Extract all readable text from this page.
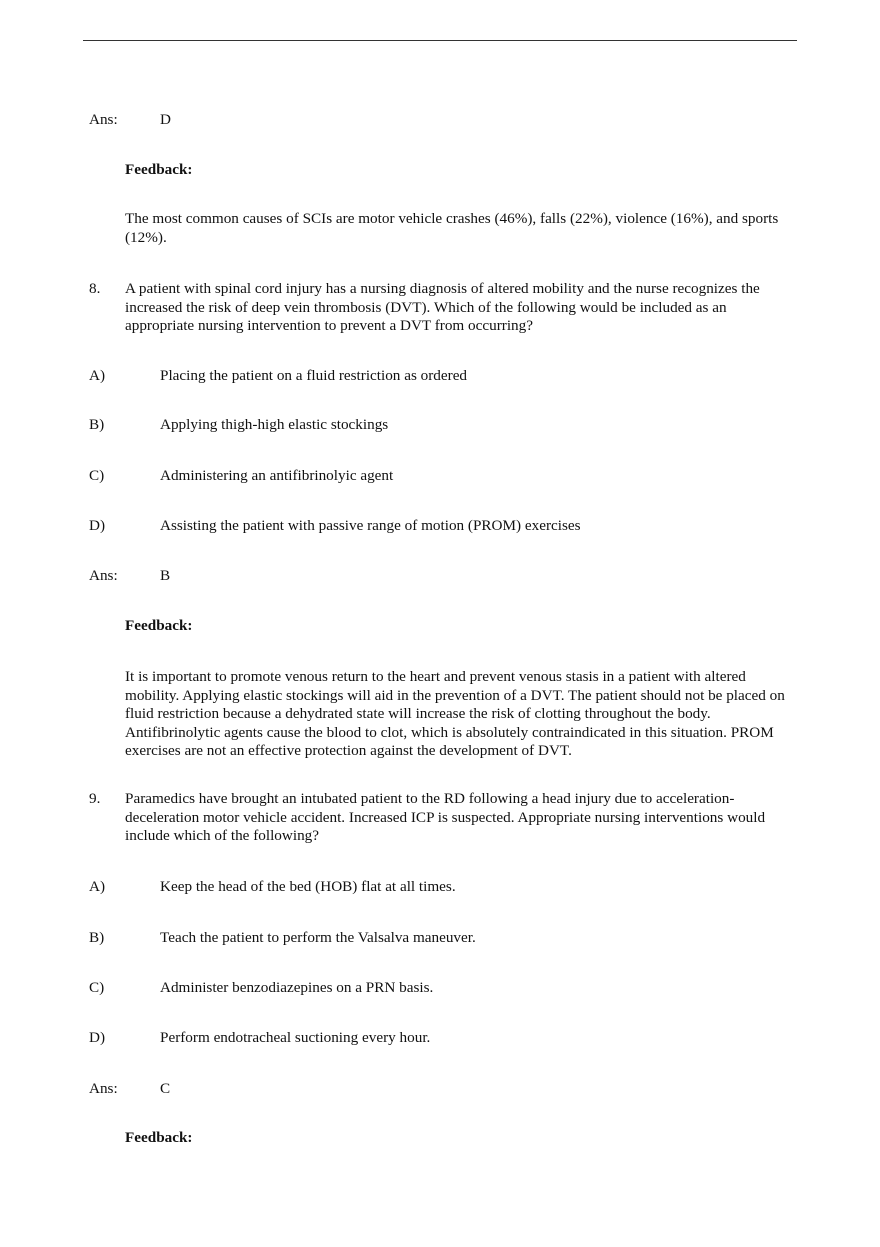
Ans:	D
Feedback:
The most common causes of SCIs are motor vehicle crashes (46%), falls (22%), violence (16%), and sports (12%).
8. A patient with spinal cord injury has a nursing diagnosis of altered mobility and the nurse recognizes the increased the risk of deep vein thrombosis (DVT). Which of the following would be included as an appropriate nursing intervention to prevent a DVT from occurring?
A)	Placing the patient on a fluid restriction as ordered
B)	Applying thigh-high elastic stockings
C)	Administering an antifibrinolyic agent
D)	Assisting the patient with passive range of motion (PROM) exercises
Ans:	B
Feedback:
It is important to promote venous return to the heart and prevent venous stasis in a patient with altered mobility. Applying elastic stockings will aid in the prevention of a DVT. The patient should not be placed on fluid restriction because a dehydrated state will increase the risk of clotting throughout the body. Antifibrinolytic agents cause the blood to clot, which is absolutely contraindicated in this situation. PROM exercises are not an effective protection against the development of DVT.
9. Paramedics have brought an intubated patient to the RD following a head injury due to acceleration-deceleration motor vehicle accident. Increased ICP is suspected. Appropriate nursing interventions would include which of the following?
A)	Keep the head of the bed (HOB) flat at all times.
B)	Teach the patient to perform the Valsalva maneuver.
C)	Administer benzodiazepines on a PRN basis.
D)	Perform endotracheal suctioning every hour.
Ans:	C
Feedback:
